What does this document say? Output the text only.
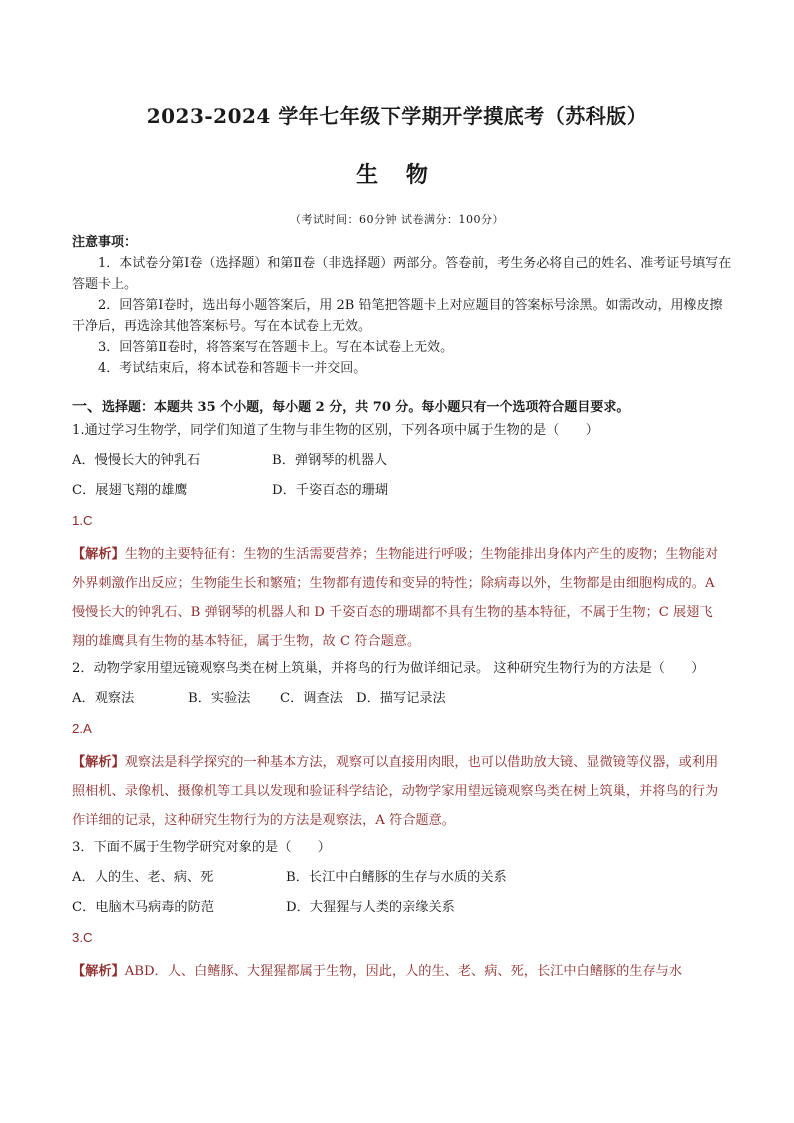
2023-2024 学年七年级下学期开学摸底考（苏科版）
生 物
（考试时间：60分钟 试卷满分：100分）
注意事项：

1．本试卷分第Ⅰ卷（选择题）和第Ⅱ卷（非选择题）两部分。答卷前，考生务必将自己的姓名、准考证号填写在答题卡上。

2．回答第Ⅰ卷时，选出每小题答案后，用 2B 铅笔把答题卡上对应题目的答案标号涂黑。如需改动，用橡皮擦干净后，再选涂其他答案标号。写在本试卷上无效。

3．回答第Ⅱ卷时，将答案写在答题卡上。写在本试卷上无效。

4．考试结束后，将本试卷和答题卡一并交回。

一、选择题：本题共 35 个小题，每小题 2 分，共 70 分。每小题只有一个选项符合题目要求。
1.通过学习生物学，同学们知道了生物与非生物的区别，下列各项中属于生物的是（　　）
A．慢慢长大的钟乳石	B．弹钢琴的机器人
C．展翅飞翔的雄鹰	D．千姿百态的珊瑚
1.C

【解析】生物的主要特征有：生物的生活需要营养；生物能进行呼吸；生物能排出身体内产生的废物；生物能对外界刺激作出反应；生物能生长和繁殖；生物都有遗传和变异的特性；除病毒以外，生物都是由细胞构成的。A 慢慢长大的钟乳石、B 弹钢琴的机器人和 D 千姿百态的珊瑚都不具有生物的基本特征，不属于生物；C 展翅飞翔的雄鹰具有生物的基本特征，属于生物，故 C 符合题意。

2．动物学家用望远镜观察鸟类在树上筑巢，并将鸟的行为做详细记录。 这种研究生物行为的方法是（　　）
A．观察法	B．实验法	C．调查法 D．描写记录法
2.A

【解析】观察法是科学探究的一种基本方法，观察可以直接用肉眼，也可以借助放大镜、显微镜等仪器，或利用照相机、录像机、摄像机等工具以发现和验证科学结论，动物学家用望远镜观察鸟类在树上筑巢，并将鸟的行为作详细的记录，这种研究生物行为的方法是观察法，A 符合题意。

3．下面不属于生物学研究对象的是（　　）
A．人的生、老、病、死	B．长江中白鳍豚的生存与水质的关系
C．电脑木马病毒的防范	D．大猩猩与人类的亲缘关系
3.C

【解析】ABD．人、白鳍豚、大猩猩都属于生物，因此，人的生、老、病、死，长江中白鳍豚的生存与水
